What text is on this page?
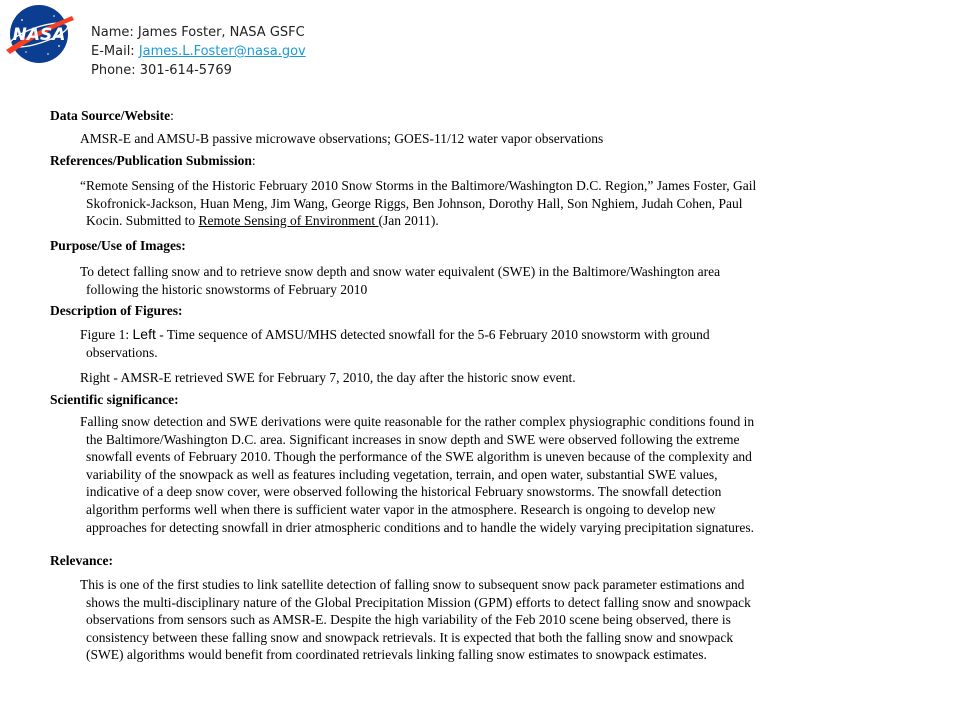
NASA Name: James Foster, NASA GSFC
E-Mail: James.L.Foster@nasa.gov
Phone: 301-614-5769
Data Source/Website:
AMSR-E and AMSU-B passive microwave observations; GOES-11/12 water vapor observations
References/Publication Submission:
“Remote Sensing of the Historic February 2010 Snow Storms in the Baltimore/Washington D.C. Region,” James Foster, Gail
Skofronick-Jackson, Huan Meng, Jim Wang, George Riggs, Ben Johnson, Dorothy Hall, Son Nghiem, Judah Cohen, Paul
Kocin. Submitted to Remote Sensing of Environment (Jan 2011).
Purpose/Use of Images:
To detect falling snow and to retrieve snow depth and snow water equivalent (SWE) in the Baltimore/Washington area
following the historic snowstorms of February 2010
Description of Figures:
Figure 1: Left - Time sequence of AMSU/MHS detected snowfall for the 5-6 February 2010 snowstorm with ground
observations.
Right - AMSR-E retrieved SWE for February 7, 2010, the day after the historic snow event.
Scientific significance:
Falling snow detection and SWE derivations were quite reasonable for the rather complex physiographic conditions found in
the Baltimore/Washington D.C. area. Significant increases in snow depth and SWE were observed following the extreme
snowfall events of February 2010. Though the performance of the SWE algorithm is uneven because of the complexity and
variability of the snowpack as well as features including vegetation, terrain, and open water, substantial SWE values,
indicative of a deep snow cover, were observed following the historical February snowstorms. The snowfall detection
algorithm performs well when there is sufficient water vapor in the atmosphere. Research is ongoing to develop new
approaches for detecting snowfall in drier atmospheric conditions and to handle the widely varying precipitation signatures.
Relevance:
This is one of the first studies to link satellite detection of falling snow to subsequent snow pack parameter estimations and
shows the multi-disciplinary nature of the Global Precipitation Mission (GPM) efforts to detect falling snow and snowpack
observations from sensors such as AMSR-E. Despite the high variability of the Feb 2010 scene being observed, there is
consistency between these falling snow and snowpack retrievals. It is expected that both the falling snow and snowpack
(SWE) algorithms would benefit from coordinated retrievals linking falling snow estimates to snowpack estimates.
